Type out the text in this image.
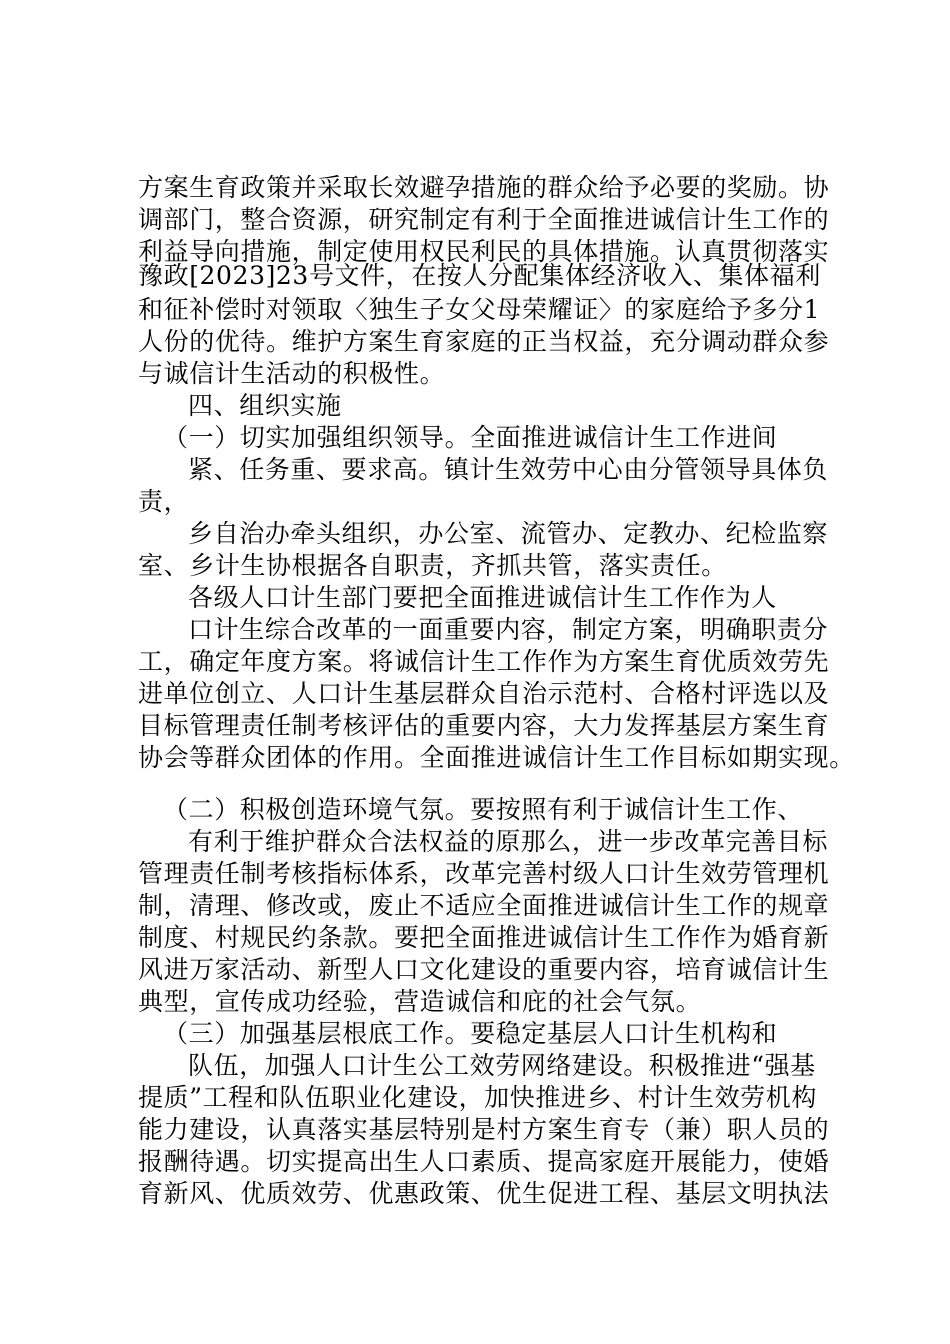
方案生育政策并采取长效避孕措施的群众给予必要的奖励。协
调部门，整合资源，研究制定有利于全面推进诚信计生工作的
利益导向措施，制定使用权民利民的具体措施。认真贯彻落实
豫政[2023]23号文件，在按人分配集体经济收入、集体福利
和征补偿时对领取〈独生子女父母荣耀证〉的家庭给予多分1
人份的优待。维护方案生育家庭的正当权益，充分调动群众参
与诚信计生活动的积极性。
四、组织实施
（一）切实加强组织领导。全面推进诚信计生工作进间
紧、任务重、要求高。镇计生效劳中心由分管领导具体负
责，
乡自治办牵头组织，办公室、流管办、定教办、纪检监察
室、乡计生协根据各自职责，齐抓共管，落实责任。
各级人口计生部门要把全面推进诚信计生工作作为人
口计生综合改革的一面重要内容，制定方案，明确职责分
工，确定年度方案。将诚信计生工作作为方案生育优质效劳先
进单位创立、人口计生基层群众自治示范村、合格村评选以及
目标管理责任制考核评估的重要内容，大力发挥基层方案生育
协会等群众团体的作用。全面推进诚信计生工作目标如期实现。
（二）积极创造环境气氛。要按照有利于诚信计生工作、
有利于维护群众合法权益的原那么，进一步改革完善目标
管理责任制考核指标体系，改革完善村级人口计生效劳管理机
制，清理、修改或，废止不适应全面推进诚信计生工作的规章
制度、村规民约条款。要把全面推进诚信计生工作作为婚育新
风进万家活动、新型人口文化建设的重要内容，培育诚信计生
典型，宣传成功经验，营造诚信和庇的社会气氛。
（三）加强基层根底工作。要稳定基层人口计生机构和
队伍，加强人口计生公工效劳网络建设。积极推进“强基
提质”工程和队伍职业化建设，加快推进乡、村计生效劳机构
能力建设，认真落实基层特别是村方案生育专（兼）职人员的
报酬待遇。切实提高出生人口素质、提高家庭开展能力，使婚
育新风、优质效劳、优惠政策、优生促进工程、基层文明执法
